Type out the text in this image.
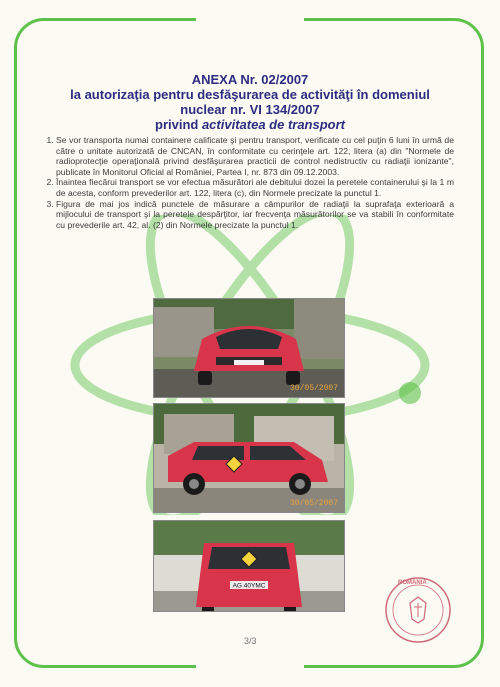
ANEXA Nr. 02/2007
la autorizaţia pentru desfăşurarea de activităţi în domeniul
nuclear nr. VI 134/2007
privind activitatea de transport
1. Se vor transporta numai containere calificate şi pentru transport, verificate cu cel puţin 6 luni în urmă de către o unitate autorizată de CNCAN, în conformitate cu cerinţele art. 122, litera (a) din "Normele de radioprotecţie operaţională privind desfăşurarea practicii de control nedistructiv cu radiaţii ionizante", publicate în Monitorul Oficial al României, Partea I, nr. 873 din 09.12.2003.
2. Înaintea fiecărui transport se vor efectua măsurători ale debitului dozei la peretele containerului şi la 1 m de acesta, conform prevederilor art. 122, litera (c), din Normele precizate la punctul 1.
3. Figura de mai jos indică punctele de măsurare a câmpurilor de radiaţii la suprafaţa exterioară a mijlocului de transport şi la peretele despărţitor, iar frecvenţa măsurătorilor se va stabili în conformitate cu prevederile art. 42, al. (2) din Normele precizate la punctul 1.
30/05/2007
30/05/2007
AG 40YMC	ROMÂNIA
3/3
